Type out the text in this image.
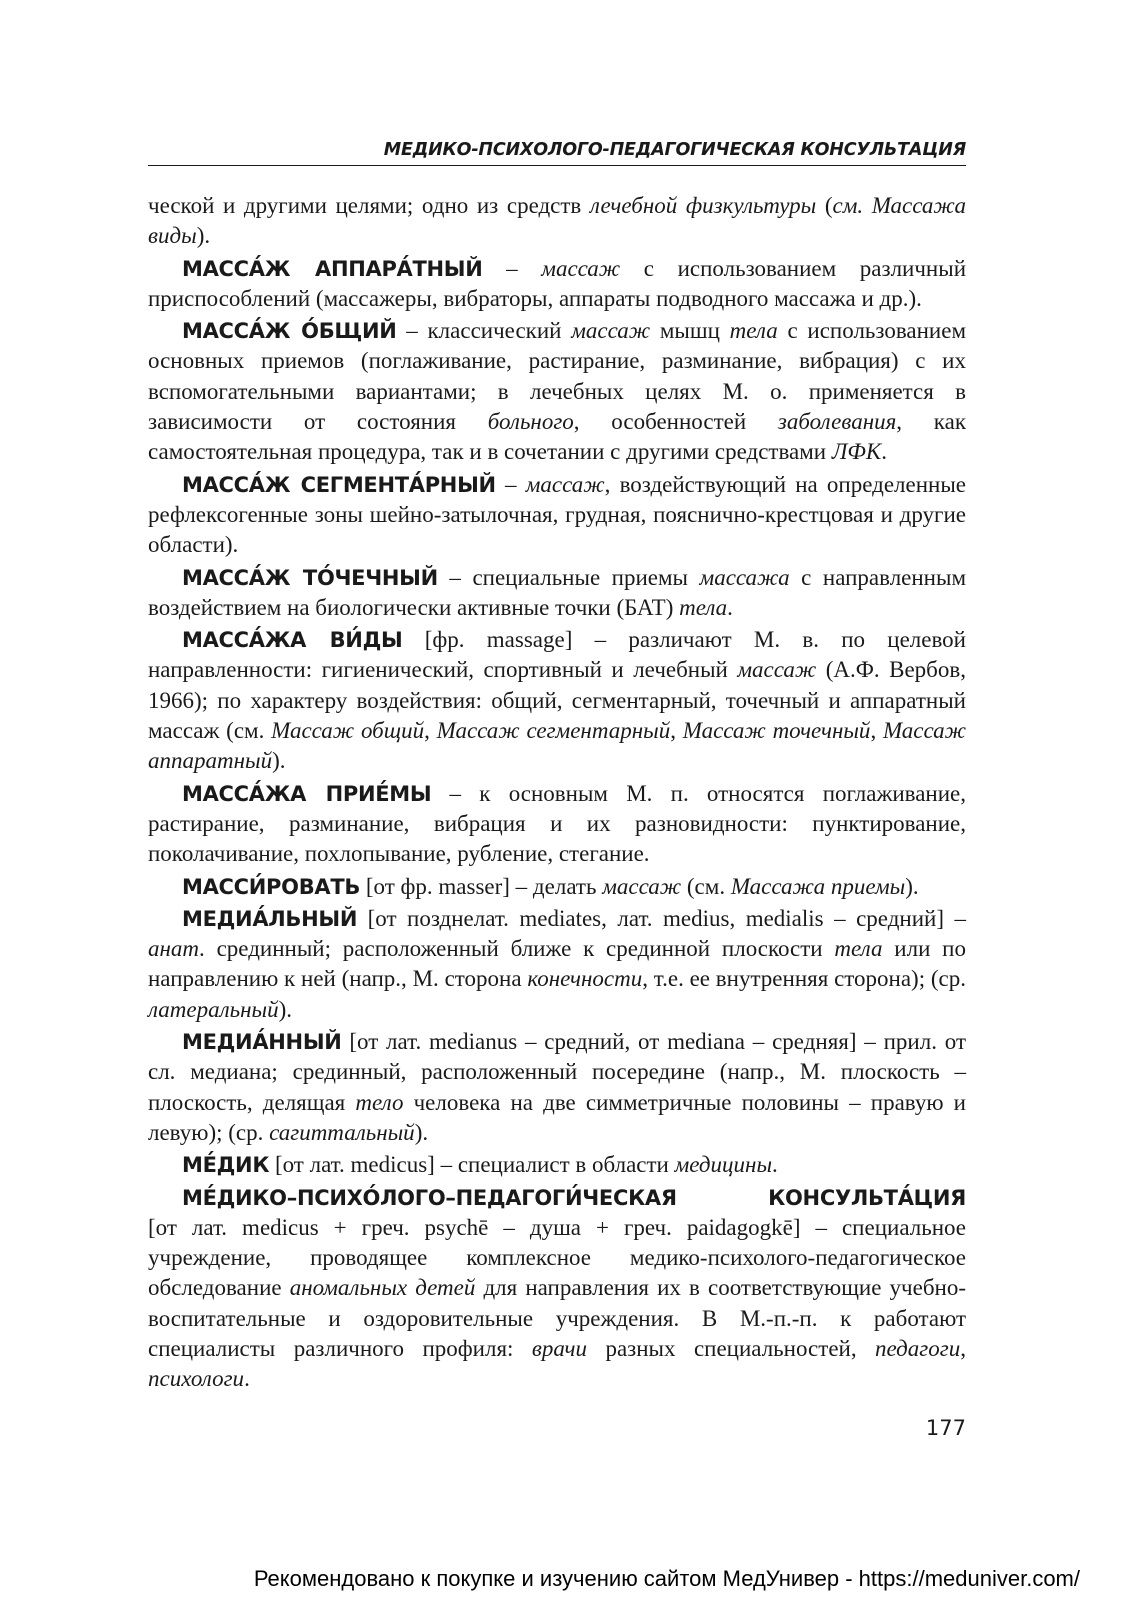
МЕДИКО-ПСИХОЛОГО-ПЕДАГОГИЧЕСКАЯ КОНСУЛЬТАЦИЯ

ческой и другими целями; одно из средств лечебной физкультуры (см. Массажа виды).

МАССА́Ж АППАРА́ТНЫЙ – массаж с использованием различный приспособлений (массажеры, вибраторы, аппараты подводного массажа и др.).

МАССА́Ж О́БЩИЙ – классический массаж мышц тела с использованием основных приемов (поглаживание, растирание, разминание, вибрация) с их вспомогательными вариантами; в лечебных целях М. о. применяется в зависимости от состояния больного, особенностей заболевания, как самостоятельная процедура, так и в сочетании с другими средствами ЛФК.

МАССА́Ж СЕГМЕНТА́РНЫЙ – массаж, воздействующий на определенные рефлексогенные зоны шейно-затылочная, грудная, пояснично-крестцовая и другие области).

МАССА́Ж ТО́ЧЕЧНЫЙ – специальные приемы массажа с направленным воздействием на биологически активные точки (БАТ) тела.

МАССА́ЖА ВИ́ДЫ [фр. massage] – различают М. в. по целевой направленности: гигиенический, спортивный и лечебный массаж (А.Ф. Вербов, 1966); по характеру воздействия: общий, сегментарный, точечный и аппаратный массаж (см. Массаж общий, Массаж сегментарный, Массаж точечный, Массаж аппаратный).

МАССА́ЖА ПРИЕ́МЫ – к основным М. п. относятся поглаживание, растирание, разминание, вибрация и их разновидности: пунктирование, поколачивание, похлопывание, рубление, стегание.

МАССИ́РОВАТЬ [от фр. masser] – делать массаж (см. Массажа приемы).

МЕДИА́ЛЬНЫЙ [от позднелат. mediates, лат. medius, medialis – средний] – анат. срединный; расположенный ближе к срединной плоскости тела или по направлению к ней (напр., М. сторона конечности, т.е. ее внутренняя сторона); (ср. латеральный).

МЕДИА́ННЫЙ [от лат. medianus – средний, от mediana – средняя] – прил. от сл. медиана; срединный, расположенный посередине (напр., М. плоскость – плоскость, делящая тело человека на две симметричные половины – правую и левую); (ср. сагиттальный).

МЕ́ДИК [от лат. medicus] – специалист в области медицины.

МЕ́ДИКО–ПСИХО́ЛОГО–ПЕДАГОГИ́ЧЕСКАЯ	КОНСУЛЬТА́ЦИЯ

[от лат. medicus + греч. psychē – душа + греч. paidagogkē] – специальное учреждение, проводящее комплексное медико-психолого-педагогическое обследование аномальных детей для направления их в соответствующие учебно-воспитательные и оздоровительные учреждения. В М.-п.-п. к работают специалисты различного профиля: врачи разных специальностей, педагоги, психологи.

177
Рекомендовано к покупке и изучению сайтом МедУнивер - https://meduniver.com/
